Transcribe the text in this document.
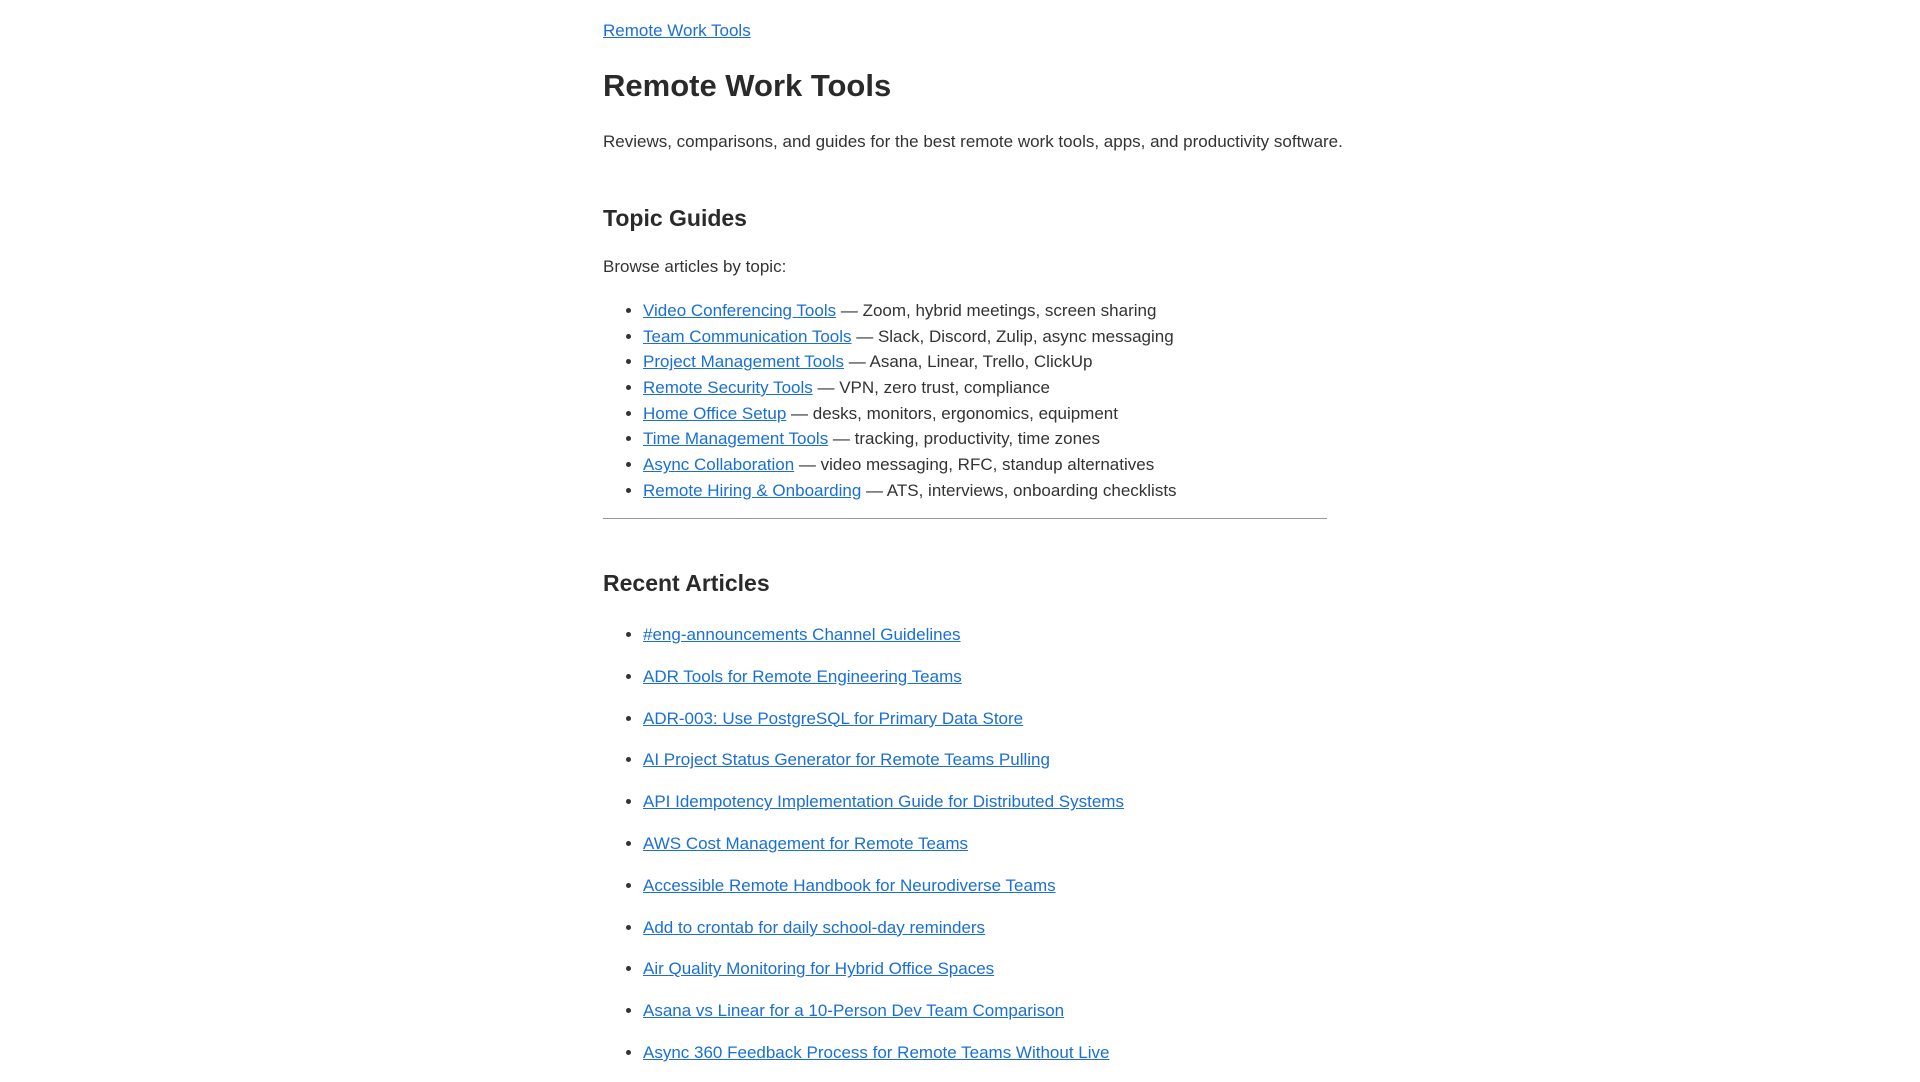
Remote Work Tools
Remote Work Tools

Reviews, comparisons, and guides for the best remote work tools, apps, and productivity software.

Topic Guides

Browse articles by topic:

• Video Conferencing Tools — Zoom, hybrid meetings, screen sharing
• Team Communication Tools — Slack, Discord, Zulip, async messaging
• Project Management Tools — Asana, Linear, Trello, ClickUp
• Remote Security Tools — VPN, zero trust, compliance
• Home Office Setup — desks, monitors, ergonomics, equipment
• Time Management Tools — tracking, productivity, time zones
• Async Collaboration — video messaging, RFC, standup alternatives
• Remote Hiring & Onboarding — ATS, interviews, onboarding checklists
Recent Articles
• #eng-announcements Channel Guidelines
• ADR Tools for Remote Engineering Teams
• ADR-003: Use PostgreSQL for Primary Data Store
• AI Project Status Generator for Remote Teams Pulling
• API Idempotency Implementation Guide for Distributed Systems
• AWS Cost Management for Remote Teams
• Accessible Remote Handbook for Neurodiverse Teams
• Add to crontab for daily school-day reminders
• Air Quality Monitoring for Hybrid Office Spaces
• Asana vs Linear for a 10-Person Dev Team Comparison
• Async 360 Feedback Process for Remote Teams Without Live
